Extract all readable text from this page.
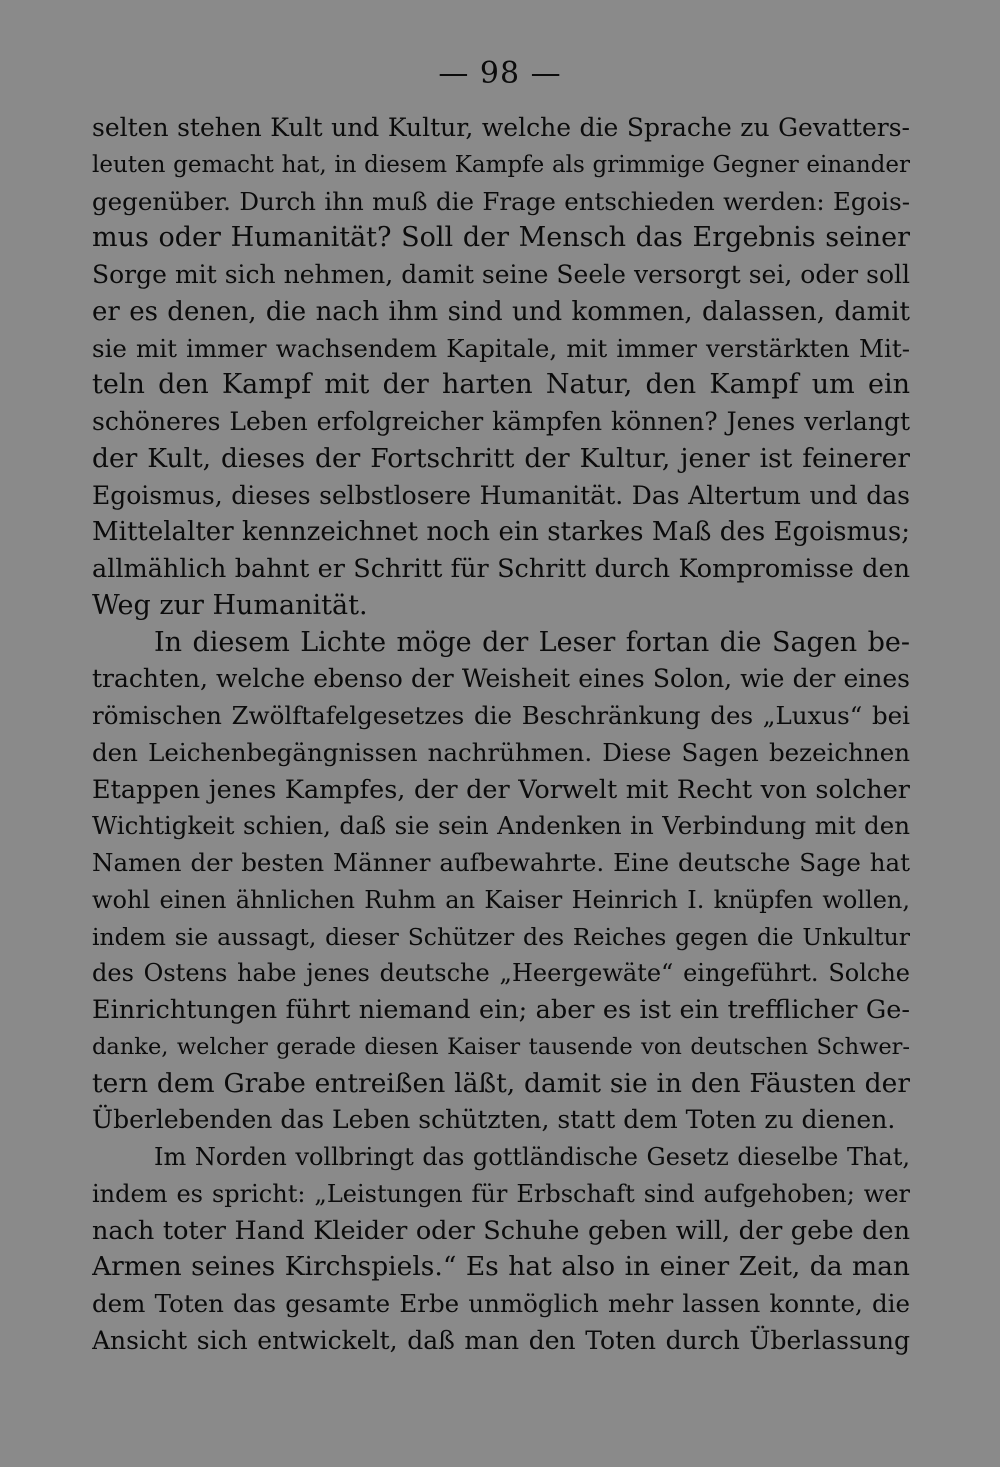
— 98 —
selten stehen Kult und Kultur, welche die Sprache zu Gevatters-
leuten gemacht hat, in diesem Kampfe als grimmige Gegner einander
gegenüber. Durch ihn muß die Frage entschieden werden: Egois-
mus oder Humanität? Soll der Mensch das Ergebnis seiner
Sorge mit sich nehmen, damit seine Seele versorgt sei, oder soll
er es denen, die nach ihm sind und kommen, dalassen, damit
sie mit immer wachsendem Kapitale, mit immer verstärkten Mit-
teln den Kampf mit der harten Natur, den Kampf um ein
schöneres Leben erfolgreicher kämpfen können? Jenes verlangt
der Kult, dieses der Fortschritt der Kultur, jener ist feinerer
Egoismus, dieses selbstlosere Humanität. Das Altertum und das
Mittelalter kennzeichnet noch ein starkes Maß des Egoismus;
allmählich bahnt er Schritt für Schritt durch Kompromisse den
Weg zur Humanität.
In diesem Lichte möge der Leser fortan die Sagen be-
trachten, welche ebenso der Weisheit eines Solon, wie der eines
römischen Zwölftafelgesetzes die Beschränkung des „Luxus“ bei
den Leichenbegängnissen nachrühmen. Diese Sagen bezeichnen
Etappen jenes Kampfes, der der Vorwelt mit Recht von solcher
Wichtigkeit schien, daß sie sein Andenken in Verbindung mit den
Namen der besten Männer aufbewahrte. Eine deutsche Sage hat
wohl einen ähnlichen Ruhm an Kaiser Heinrich I. knüpfen wollen,
indem sie aussagt, dieser Schützer des Reiches gegen die Unkultur
des Ostens habe jenes deutsche „Heergewäte“ eingeführt. Solche
Einrichtungen führt niemand ein; aber es ist ein trefflicher Ge-
danke, welcher gerade diesen Kaiser tausende von deutschen Schwer-
tern dem Grabe entreißen läßt, damit sie in den Fäusten der
Überlebenden das Leben schützten, statt dem Toten zu dienen.
Im Norden vollbringt das gottländische Gesetz dieselbe That,
indem es spricht: „Leistungen für Erbschaft sind aufgehoben; wer
nach toter Hand Kleider oder Schuhe geben will, der gebe den
Armen seines Kirchspiels.“ Es hat also in einer Zeit, da man
dem Toten das gesamte Erbe unmöglich mehr lassen konnte, die
Ansicht sich entwickelt, daß man den Toten durch Überlassung
